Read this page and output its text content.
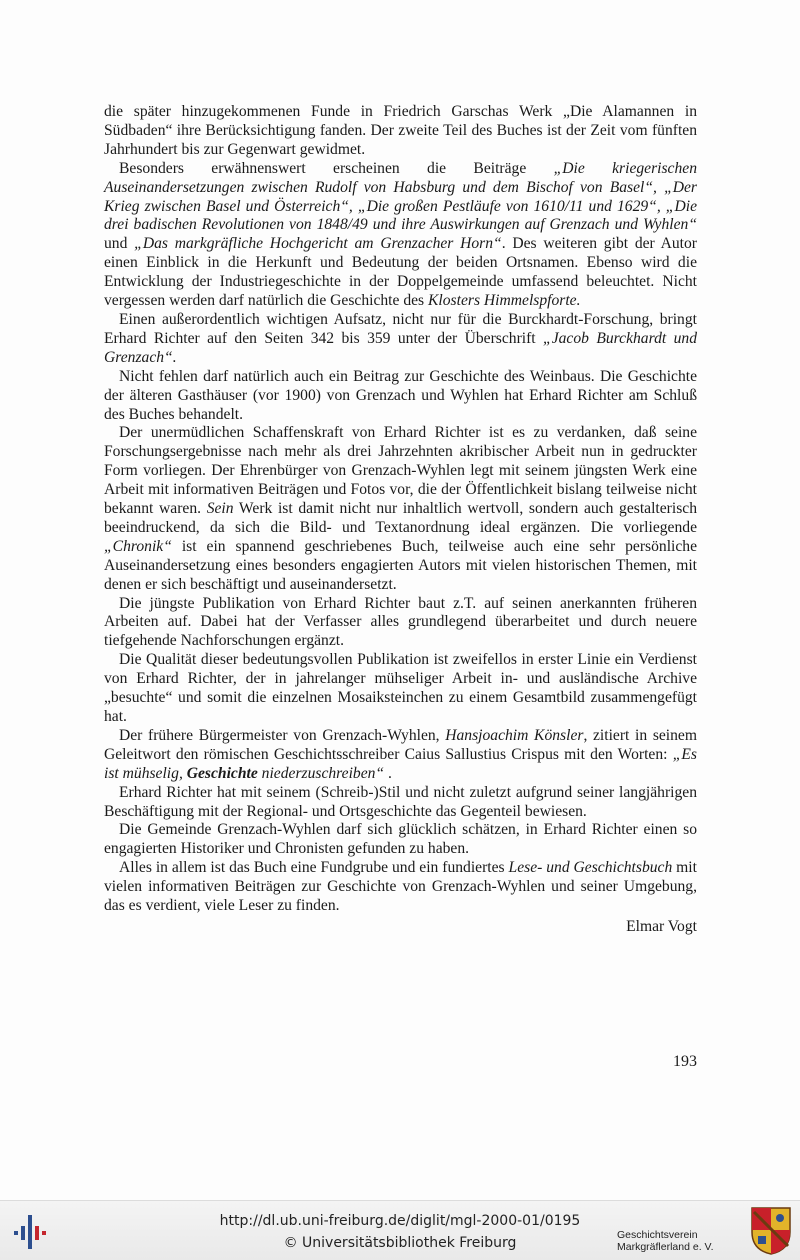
die später hinzugekommenen Funde in Friedrich Garschas Werk „Die Alamannen in Südbaden“ ihre Berücksichtigung fanden. Der zweite Teil des Buches ist der Zeit vom fünften Jahrhundert bis zur Gegenwart gewidmet.

Besonders erwähnenswert erscheinen die Beiträge „Die kriegerischen Auseinandersetzungen zwischen Rudolf von Habsburg und dem Bischof von Basel“, „Der Krieg zwischen Basel und Österreich“, „Die großen Pestläufe von 1610/11 und 1629“, „Die drei badischen Revolutionen von 1848/49 und ihre Auswirkungen auf Grenzach und Wyhlen“ und „Das markgräfliche Hochgericht am Grenzacher Horn“. Des weiteren gibt der Autor einen Einblick in die Herkunft und Bedeutung der beiden Ortsnamen. Ebenso wird die Entwicklung der Industriegeschichte in der Doppelgemeinde umfassend beleuchtet. Nicht vergessen werden darf natürlich die Geschichte des Klosters Himmelspforte.

Einen außerordentlich wichtigen Aufsatz, nicht nur für die Burckhardt-Forschung, bringt Erhard Richter auf den Seiten 342 bis 359 unter der Überschrift „Jacob Burckhardt und Grenzach“.

Nicht fehlen darf natürlich auch ein Beitrag zur Geschichte des Weinbaus. Die Geschichte der älteren Gasthäuser (vor 1900) von Grenzach und Wyhlen hat Erhard Richter am Schluß des Buches behandelt.

Der unermüdlichen Schaffenskraft von Erhard Richter ist es zu verdanken, daß seine Forschungsergebnisse nach mehr als drei Jahrzehnten akribischer Arbeit nun in gedruckter Form vorliegen. Der Ehrenbürger von Grenzach-Wyhlen legt mit seinem jüngsten Werk eine Arbeit mit informativen Beiträgen und Fotos vor, die der Öffentlichkeit bislang teilweise nicht bekannt waren. Sein Werk ist damit nicht nur inhaltlich wertvoll, sondern auch gestalterisch beeindruckend, da sich die Bild- und Textanordnung ideal ergänzen. Die vorliegende „Chronik“ ist ein spannend geschriebenes Buch, teilweise auch eine sehr persönliche Auseinandersetzung eines besonders engagierten Autors mit vielen historischen Themen, mit denen er sich beschäftigt und auseinandersetzt.

Die jüngste Publikation von Erhard Richter baut z.T. auf seinen anerkannten früheren Arbeiten auf. Dabei hat der Verfasser alles grundlegend überarbeitet und durch neuere tiefgehende Nachforschungen ergänzt.

Die Qualität dieser bedeutungsvollen Publikation ist zweifellos in erster Linie ein Verdienst von Erhard Richter, der in jahrelanger mühseliger Arbeit in- und ausländische Archive „besuchte“ und somit die einzelnen Mosaiksteinchen zu einem Gesamtbild zusammengefügt hat.

Der frühere Bürgermeister von Grenzach-Wyhlen, Hansjoachim Könsler, zitiert in seinem Geleitwort den römischen Geschichtsschreiber Caius Sallustius Crispus mit den Worten: „Es ist mühselig, Geschichte niederzuschreiben“ .

Erhard Richter hat mit seinem (Schreib-)Stil und nicht zuletzt aufgrund seiner langjährigen Beschäftigung mit der Regional- und Ortsgeschichte das Gegenteil bewiesen.

Die Gemeinde Grenzach-Wyhlen darf sich glücklich schätzen, in Erhard Richter einen so engagierten Historiker und Chronisten gefunden zu haben.

Alles in allem ist das Buch eine Fundgrube und ein fundiertes Lese- und Geschichtsbuch mit vielen informativen Beiträgen zur Geschichte von Grenzach-Wyhlen und seiner Umgebung, das es verdient, viele Leser zu finden.

Elmar Vogt
193
http://dl.ub.uni-freiburg.de/diglit/mgl-2000-01/0195
© Universitätsbibliothek Freiburg	Geschichtsverein
Markgräflerland e. V.
